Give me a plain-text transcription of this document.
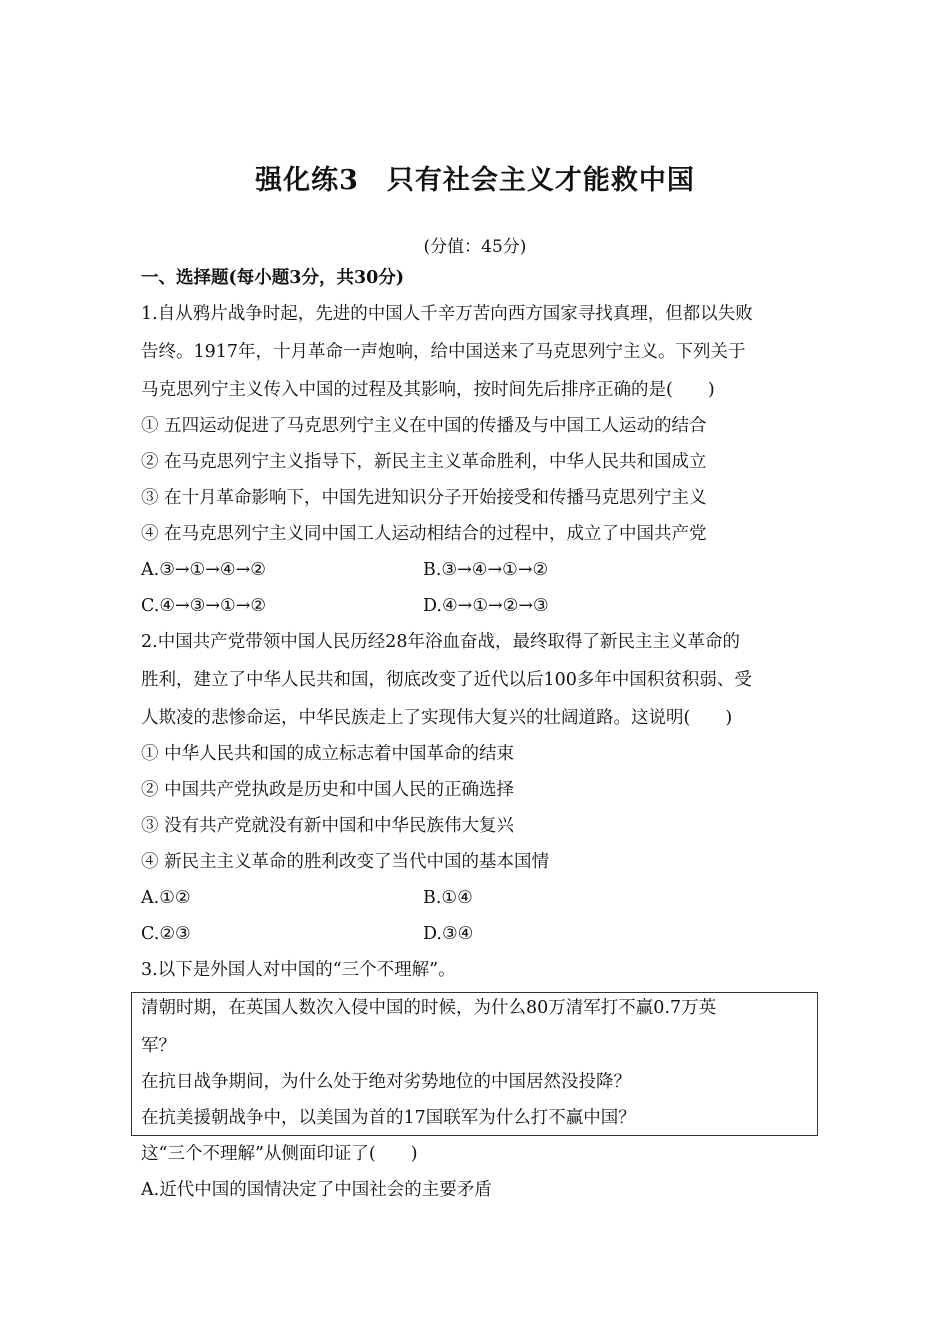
强化练3　只有社会主义才能救中国
(分值：45分)
一、选择题(每小题3分，共30分)
1.自从鸦片战争时起，先进的中国人千辛万苦向西方国家寻找真理，但都以失败
告终。1917年，十月革命一声炮响，给中国送来了马克思列宁主义。下列关于
马克思列宁主义传入中国的过程及其影响，按时间先后排序正确的是(　　)
① 五四运动促进了马克思列宁主义在中国的传播及与中国工人运动的结合
② 在马克思列宁主义指导下，新民主主义革命胜利，中华人民共和国成立
③ 在十月革命影响下，中国先进知识分子开始接受和传播马克思列宁主义
④ 在马克思列宁主义同中国工人运动相结合的过程中，成立了中国共产党
A.③→①→④→②	B.③→④→①→②
C.④→③→①→②	D.④→①→②→③
2.中国共产党带领中国人民历经28年浴血奋战，最终取得了新民主主义革命的
胜利，建立了中华人民共和国，彻底改变了近代以后100多年中国积贫积弱、受
人欺凌的悲惨命运，中华民族走上了实现伟大复兴的壮阔道路。这说明(　　)
① 中华人民共和国的成立标志着中国革命的结束
② 中国共产党执政是历史和中国人民的正确选择
③ 没有共产党就没有新中国和中华民族伟大复兴
④ 新民主主义革命的胜利改变了当代中国的基本国情
A.①②	B.①④
C.②③	D.③④
3.以下是外国人对中国的“三个不理解”。
清朝时期，在英国人数次入侵中国的时候，为什么80万清军打不赢0.7万英
军？
在抗日战争期间，为什么处于绝对劣势地位的中国居然没投降？
在抗美援朝战争中，以美国为首的17国联军为什么打不赢中国？
这“三个不理解”从侧面印证了(　　)
A.近代中国的国情决定了中国社会的主要矛盾
